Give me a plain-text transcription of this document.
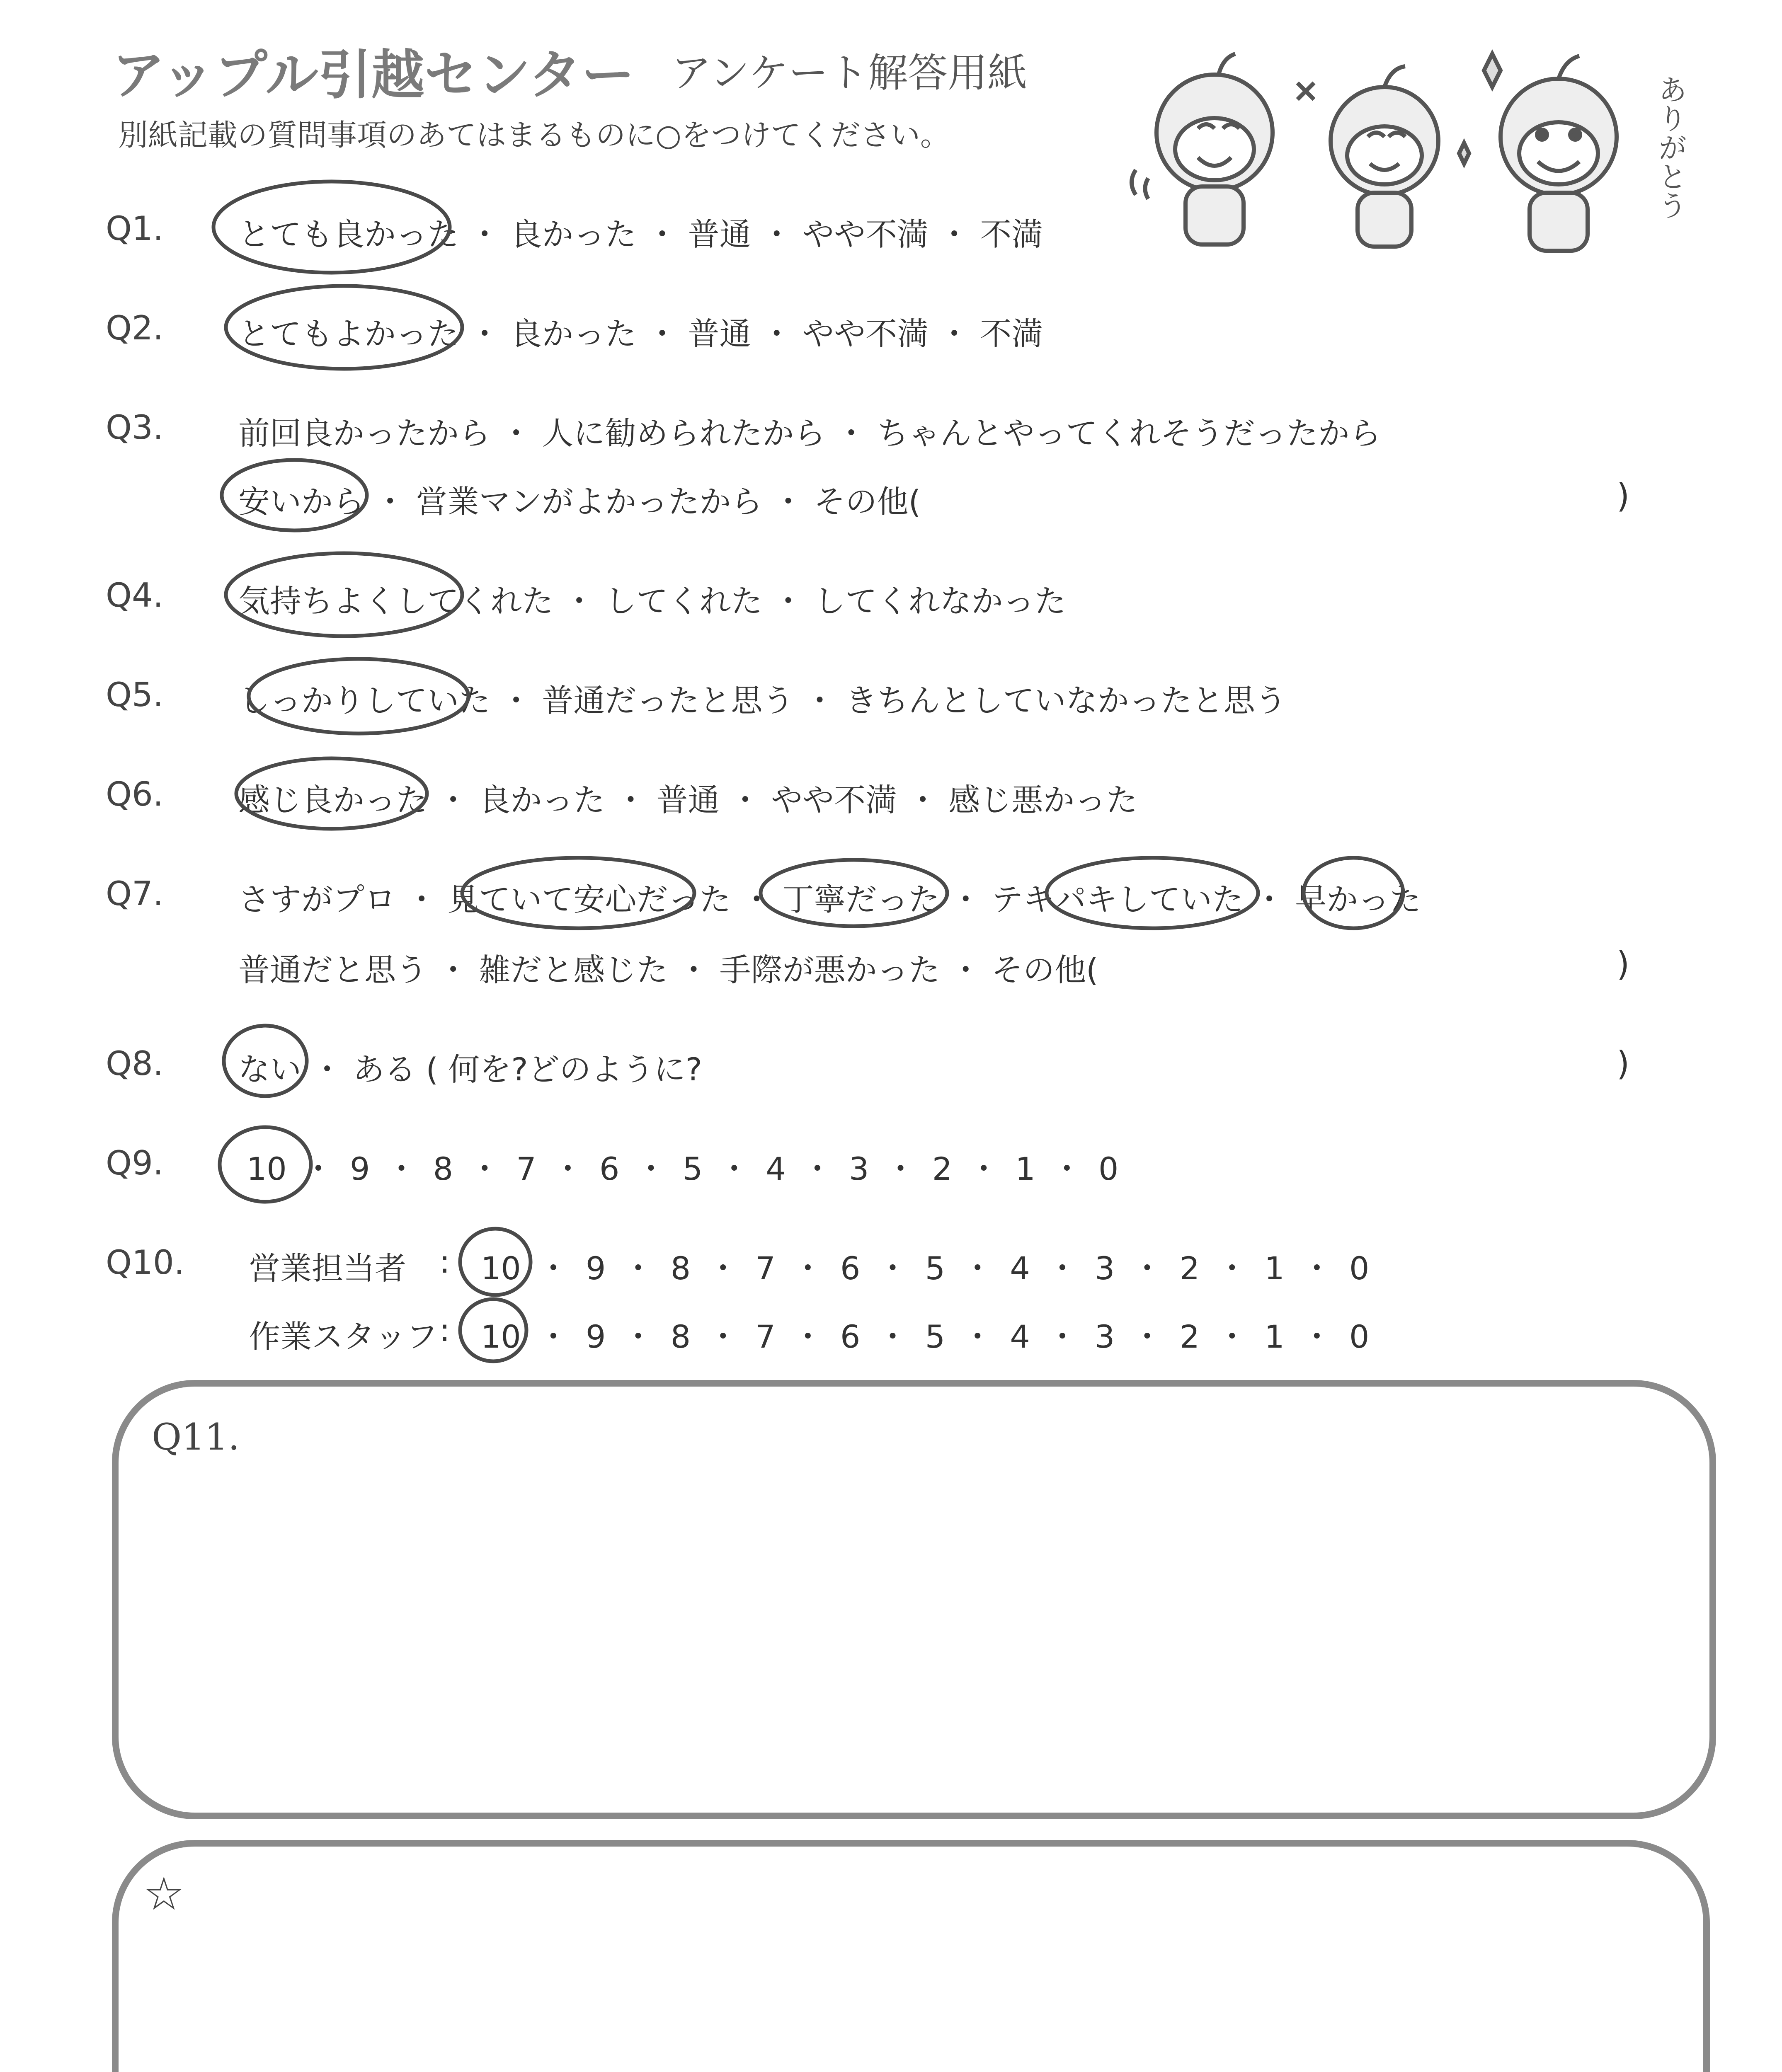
アップル引越センター アンケート解答用紙
別紙記載の質問事項のあてはまるものに○をつけてください。	ありがとう
Q1. とても良かった ・ 良かった ・ 普通 ・ やや不満 ・ 不満
Q2. とてもよかった ・ 良かった ・ 普通 ・ やや不満 ・ 不満
Q3. 前回良かったから ・ 人に勧められたから ・ ちゃんとやってくれそうだったから
安いから ・ 営業マンがよかったから ・ その他(	)
Q4. 気持ちよくしてくれた ・ してくれた ・ してくれなかった
Q5. しっかりしていた ・ 普通だったと思う ・ きちんとしていなかったと思う
Q6. 感じ良かった ・ 良かった ・ 普通 ・ やや不満 ・ 感じ悪かった
Q7. さすがプロ ・ 見ていて安心だった ・ 丁寧だった ・ テキパキしていた ・ 早かった
普通だと思う ・ 雑だと感じた ・ 手際が悪かった ・ その他(	)
Q8. ない ・ ある ( 何を?どのように?	)
Q9.	10 ・ 9 ・ 8 ・ 7 ・ 6 ・ 5 ・ 4 ・ 3 ・ 2 ・ 1 ・ 0
Q10. 営業担当者 : 10 ・ 9 ・ 8 ・ 7 ・ 6 ・ 5 ・ 4 ・ 3 ・ 2 ・ 1 ・ 0
作業スタッフ : 10 ・ 9 ・ 8 ・ 7 ・ 6 ・ 5 ・ 4 ・ 3 ・ 2 ・ 1 ・ 0
Q11.
☆
